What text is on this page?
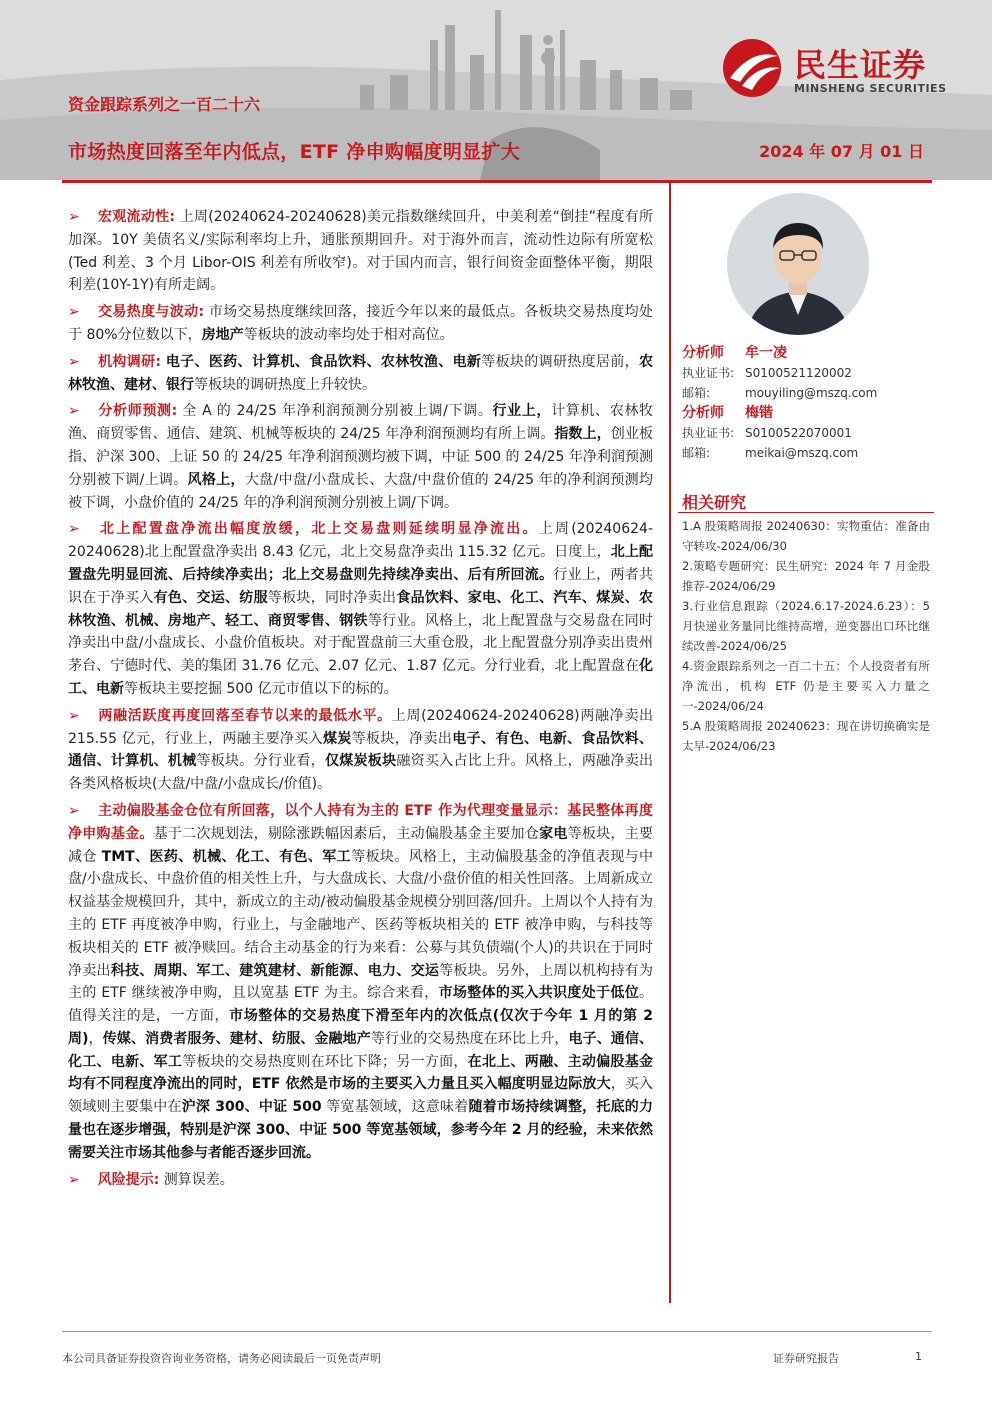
资金跟踪系列之一百二十六
市场热度回落至年内低点，ETF 净申购幅度明显扩大	2024 年 07 月 01 日
民生证券
MINSHENG SECURITIES
➢ 宏观流动性: 上周(20240624-20240628)美元指数继续回升，中美利差“倒挂”程度有所加深。10Y 美债名义/实际利率均上升，通胀预期回升。对于海外而言，流动性边际有所宽松(Ted 利差、3 个月 Libor-OIS 利差有所收窄)。对于国内而言，银行间资金面整体平衡，期限利差(10Y-1Y)有所走阔。
➢ 交易热度与波动: 市场交易热度继续回落，接近今年以来的最低点。各板块交易热度均处于 80%分位数以下，房地产等板块的波动率均处于相对高位。
➢ 机构调研: 电子、医药、计算机、食品饮料、农林牧渔、电新等板块的调研热度居前，农林牧渔、建材、银行等板块的调研热度上升较快。
➢ 分析师预测: 全 A 的 24/25 年净利润预测分别被上调/下调。行业上，计算机、农林牧渔、商贸零售、通信、建筑、机械等板块的 24/25 年净利润预测均有所上调。指数上，创业板指、沪深 300、上证 50 的 24/25 年净利润预测均被下调，中证 500 的 24/25 年净利润预测分别被下调/上调。风格上，大盘/中盘/小盘成长、大盘/中盘价值的 24/25 年的净利润预测均被下调，小盘价值的 24/25 年的净利润预测分别被上调/下调。
➢ 北上配置盘净流出幅度放缓，北上交易盘则延续明显净流出。上周(20240624-20240628)北上配置盘净卖出 8.43 亿元，北上交易盘净卖出 115.32 亿元。日度上，北上配置盘先明显回流、后持续净卖出；北上交易盘则先持续净卖出、后有所回流。行业上，两者共识在于净买入有色、交运、纺服等板块，同时净卖出食品饮料、家电、化工、汽车、煤炭、农林牧渔、机械、房地产、轻工、商贸零售、钢铁等行业。风格上，北上配置盘与交易盘在同时净卖出中盘/小盘成长、小盘价值板块。对于配置盘前三大重仓股，北上配置盘分别净卖出贵州茅台、宁德时代、美的集团 31.76 亿元、2.07 亿元、1.87 亿元。分行业看，北上配置盘在化工、电新等板块主要挖掘 500 亿元市值以下的标的。
➢ 两融活跃度再度回落至春节以来的最低水平。上周(20240624-20240628)两融净卖出 215.55 亿元，行业上，两融主要净买入煤炭等板块，净卖出电子、有色、电新、食品饮料、通信、计算机、机械等板块。分行业看，仅煤炭板块融资买入占比上升。风格上，两融净卖出各类风格板块(大盘/中盘/小盘成长/价值)。
➢ 主动偏股基金仓位有所回落，以个人持有为主的 ETF 作为代理变量显示：基民整体再度净申购基金。基于二次规划法，剔除涨跌幅因素后，主动偏股基金主要加仓家电等板块，主要减仓 TMT、医药、机械、化工、有色、军工等板块。风格上，主动偏股基金的净值表现与中盘/小盘成长、中盘价值的相关性上升，与大盘成长、大盘/小盘价值的相关性回落。上周新成立权益基金规模回升，其中，新成立的主动/被动偏股基金规模分别回落/回升。上周以个人持有为主的 ETF 再度被净申购，行业上，与金融地产、医药等板块相关的 ETF 被净申购，与科技等板块相关的 ETF 被净赎回。结合主动基金的行为来看：公募与其负债端(个人)的共识在于同时净卖出科技、周期、军工、建筑建材、新能源、电力、交运等板块。另外，上周以机构持有为主的 ETF 继续被净申购，且以宽基 ETF 为主。综合来看，市场整体的买入共识度处于低位。值得关注的是，一方面，市场整体的交易热度下滑至年内的次低点(仅次于今年 1 月的第 2 周)，传媒、消费者服务、建材、纺服、金融地产等行业的交易热度在环比上升，电子、通信、化工、电新、军工等板块的交易热度则在环比下降；另一方面，在北上、两融、主动偏股基金均有不同程度净流出的同时，ETF 依然是市场的主要买入力量且买入幅度明显边际放大，买入领域则主要集中在沪深 300、中证 500 等宽基领域，这意味着随着市场持续调整，托底的力量也在逐步增强，特别是沪深 300、中证 500 等宽基领域，参考今年 2 月的经验，未来依然需要关注市场其他参与者能否逐步回流。
➢ 风险提示: 测算误差。
分析师 牟一凌
执业证书: S0100521120002
邮箱:	mouyiling@mszq.com
分析师 梅锴
执业证书: S0100522070001
邮箱:	meikai@mszq.com
相关研究
1.A 股策略周报 20240630：实物重估：准备由守转攻-2024/06/30
2.策略专题研究：民生研究：2024 年 7 月金股推荐-2024/06/29
3.行业信息跟踪（2024.6.17-2024.6.23）：5 月快递业务量同比维持高增，逆变器出口环比继续改善-2024/06/25
4.资金跟踪系列之一百二十五：个人投资者有所净流出，机构 ETF 仍是主要买入力量之一-2024/06/24
5.A 股策略周报 20240623：现在讲切换确实是太早-2024/06/23
本公司具备证券投资咨询业务资格，请务必阅读最后一页免责声明	证券研究报告	1
